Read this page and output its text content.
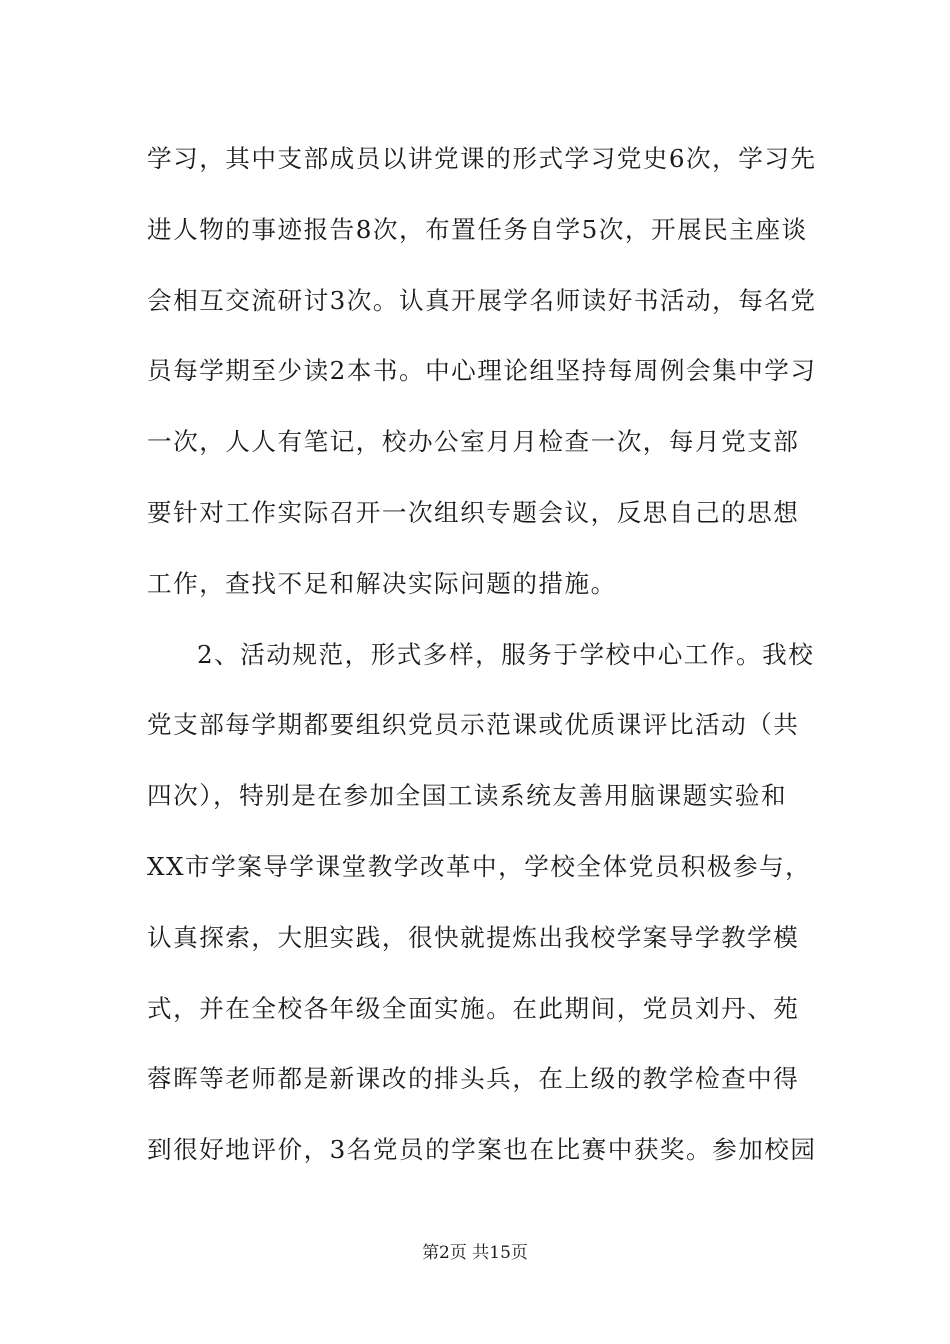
学习，其中支部成员以讲党课的形式学习党史6次，学习先
进人物的事迹报告8次，布置任务自学5次，开展民主座谈
会相互交流研讨3次。认真开展学名师读好书活动，每名党
员每学期至少读2本书。中心理论组坚持每周例会集中学习
一次，人人有笔记，校办公室月月检查一次，每月党支部
要针对工作实际召开一次组织专题会议，反思自己的思想
工作，查找不足和解决实际问题的措施。
2、活动规范，形式多样，服务于学校中心工作。我校
党支部每学期都要组织党员示范课或优质课评比活动（共
四次），特别是在参加全国工读系统友善用脑课题实验和
XX市学案导学课堂教学改革中，学校全体党员积极参与，
认真探索，大胆实践，很快就提炼出我校学案导学教学模
式，并在全校各年级全面实施。在此期间，党员刘丹、苑
蓉晖等老师都是新课改的排头兵，在上级的教学检查中得
到很好地评价，3名党员的学案也在比赛中获奖。参加校园
第2页 共15页
